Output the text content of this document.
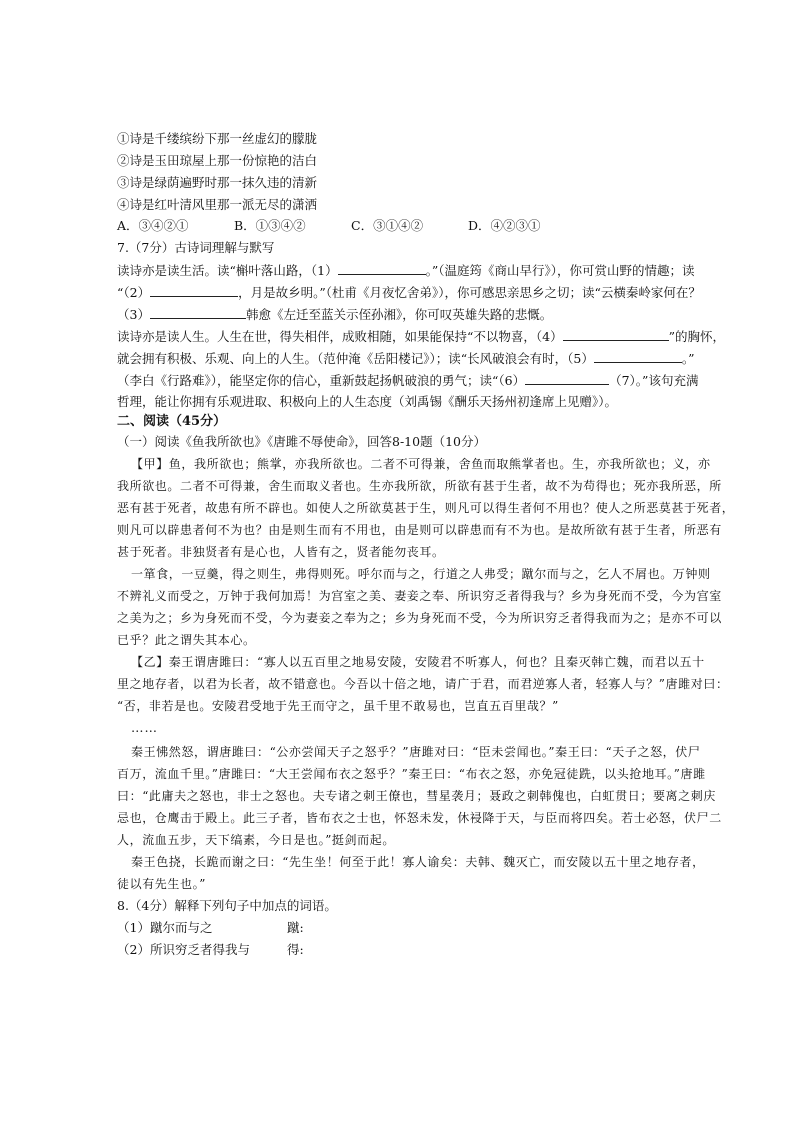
①诗是千缕缤纷下那一丝虚幻的朦胧
②诗是玉田琼屋上那一份惊艳的洁白
③诗是绿荫遍野时那一抹久违的清新
④诗是红叶清风里那一派无尽的潇洒
A．③④②①	B．①③④②	C．③①④②	D．④②③①
7.（7分）古诗词理解与默写
读诗亦是读生活。读“槲叶落山路，（1）	。”（温庭筠《商山早行》），你可赏山野的情趣；读
“（2）	，月是故乡明。”（杜甫《月夜忆舍弟》），你可感思亲思乡之切；读“云横秦岭家何在？
（3）	韩愈《左迁至蓝关示侄孙湘》，你可叹英雄失路的悲慨。
读诗亦是读人生。人生在世，得失相伴，成败相随，如果能保持“不以物喜，（4）	”的胸怀，
就会拥有积极、乐观、向上的人生。（范仲淹《岳阳楼记》）；读“长风破浪会有时，（5）	。”
（李白《行路难》），能坚定你的信心，重新鼓起扬帆破浪的勇气；读“（6）	（7）。”该句充满
哲理，能让你拥有乐观进取、积极向上的人生态度（刘禹锡《酬乐天扬州初逢席上见赠》）。
二、阅读（45分）
（一）阅读《鱼我所欲也》《唐雎不辱使命》，回答8-10题（10分）
【甲】鱼，我所欲也；熊掌，亦我所欲也。二者不可得兼，舍鱼而取熊掌者也。生，亦我所欲也；义，亦
我所欲也。二者不可得兼，舍生而取义者也。生亦我所欲，所欲有甚于生者，故不为苟得也；死亦我所恶，所
恶有甚于死者，故患有所不辟也。如使人之所欲莫甚于生，则凡可以得生者何不用也？使人之所恶莫甚于死者，
则凡可以辟患者何不为也？由是则生而有不用也，由是则可以辟患而有不为也。是故所欲有甚于生者，所恶有
甚于死者。非独贤者有是心也，人皆有之，贤者能勿丧耳。
一箪食，一豆羹，得之则生，弗得则死。呼尔而与之，行道之人弗受；蹴尔而与之，乞人不屑也。万钟则
不辨礼义而受之，万钟于我何加焉！为宫室之美、妻妾之奉、所识穷乏者得我与？乡为身死而不受，今为宫室
之美为之；乡为身死而不受，今为妻妾之奉为之；乡为身死而不受，今为所识穷乏者得我而为之；是亦不可以
已乎？此之谓失其本心。
【乙】秦王谓唐雎曰：“寡人以五百里之地易安陵，安陵君不听寡人，何也？且秦灭韩亡魏，而君以五十
里之地存者，以君为长者，故不错意也。今吾以十倍之地，请广于君，而君逆寡人者，轻寡人与？”唐雎对曰：
“否，非若是也。安陵君受地于先王而守之，虽千里不敢易也，岂直五百里哉？”
……
秦王怫然怒，谓唐雎曰：“公亦尝闻天子之怒乎？”唐雎对曰：“臣未尝闻也。”秦王曰：“天子之怒，伏尸
百万，流血千里。”唐雎曰：“大王尝闻布衣之怒乎？”秦王曰：“布衣之怒，亦免冠徒跣，以头抢地耳。”唐雎
曰：“此庸夫之怒也，非士之怒也。夫专诸之刺王僚也，彗星袭月；聂政之刺韩傀也，白虹贯日；要离之刺庆
忌也，仓鹰击于殿上。此三子者，皆布衣之士也，怀怒未发，休祲降于天，与臣而将四矣。若士必怒，伏尸二
人，流血五步，天下缟素，今日是也。”挺剑而起。
秦王色挠，长跪而谢之曰：“先生坐！何至于此！寡人谕矣：夫韩、魏灭亡，而安陵以五十里之地存者，
徒以有先生也。”
8.（4分）解释下列句子中加点的词语。
（1）蹴尔而与之	蹴:
（2）所识穷乏者得我与	得:
